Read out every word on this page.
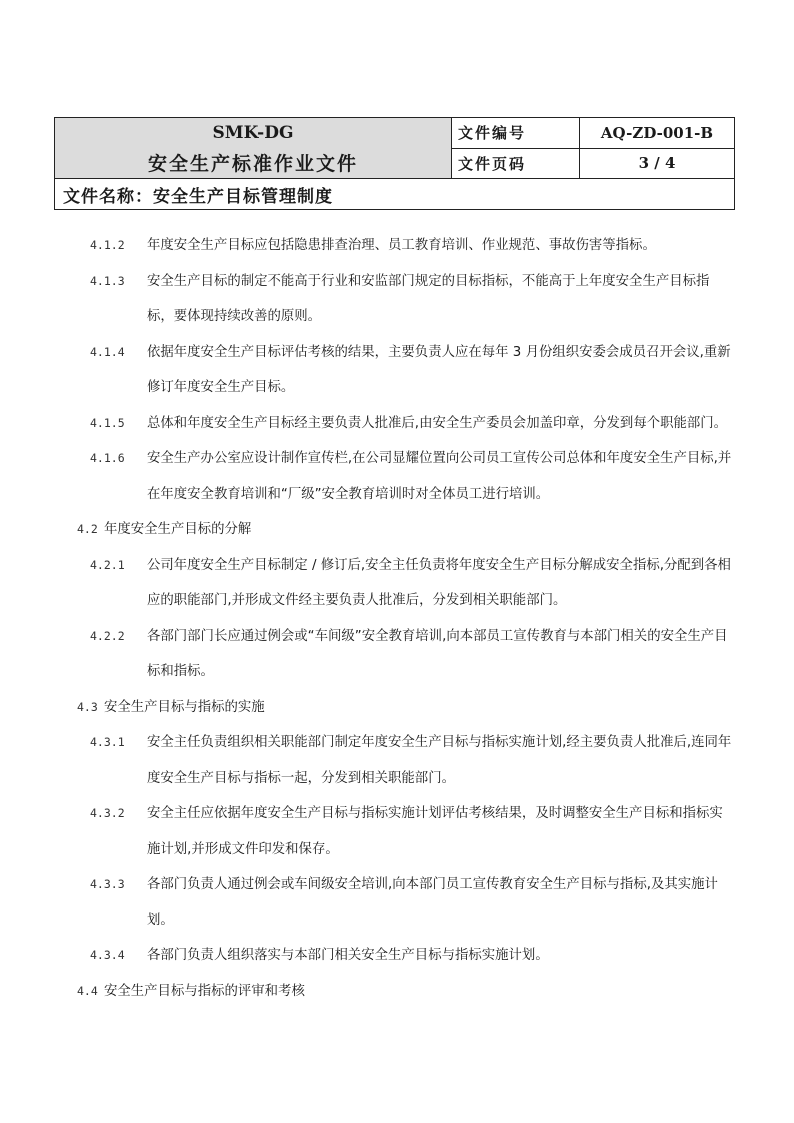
SMK-DG
安全生产标准作业文件	文件编号	AQ-ZD-001-B
	文件页码	3 / 4
文件名称：安全生产目标管理制度		

4.1.2 年度安全生产目标应包括隐患排查治理、员工教育培训、作业规范、事故伤害等指标。

4.1.3 安全生产目标的制定不能高于行业和安监部门规定的目标指标，不能高于上年度安全生产目标指标，要体现持续改善的原则。

4.1.4 依据年度安全生产目标评估考核的结果，主要负责人应在每年 3 月份组织安委会成员召开会议,重新修订年度安全生产目标。

4.1.5 总体和年度安全生产目标经主要负责人批准后,由安全生产委员会加盖印章，分发到每个职能部门。

4.1.6 安全生产办公室应设计制作宣传栏,在公司显耀位置向公司员工宣传公司总体和年度安全生产目标,并在年度安全教育培训和“厂级”安全教育培训时对全体员工进行培训。

4.2 年度安全生产目标的分解

4.2.1 公司年度安全生产目标制定 / 修订后,安全主任负责将年度安全生产目标分解成安全指标,分配到各相应的职能部门,并形成文件经主要负责人批准后，分发到相关职能部门。

4.2.2 各部门部门长应通过例会或“车间级”安全教育培训,向本部员工宣传教育与本部门相关的安全生产目标和指标。

4.3 安全生产目标与指标的实施

4.3.1 安全主任负责组织相关职能部门制定年度安全生产目标与指标实施计划,经主要负责人批准后,连同年度安全生产目标与指标一起，分发到相关职能部门。

4.3.2 安全主任应依据年度安全生产目标与指标实施计划评估考核结果，及时调整安全生产目标和指标实施计划,并形成文件印发和保存。

4.3.3 各部门负责人通过例会或车间级安全培训,向本部门员工宣传教育安全生产目标与指标,及其实施计划。

4.3.4 各部门负责人组织落实与本部门相关安全生产目标与指标实施计划。

4.4 安全生产目标与指标的评审和考核
